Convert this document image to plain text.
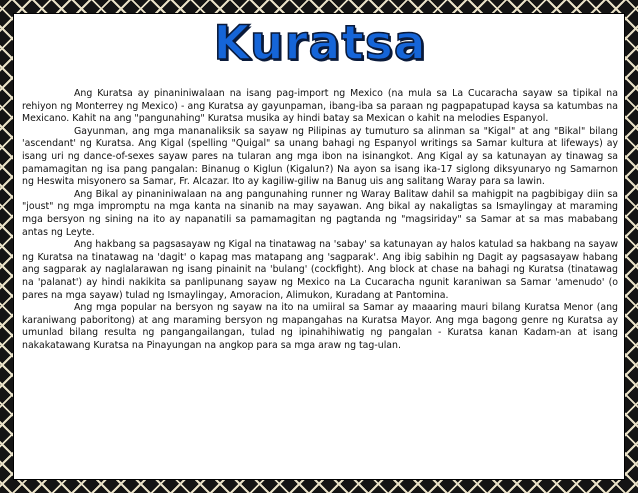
Kuratsa

Ang Kuratsa ay pinaniniwalaan na isang pag-import ng Mexico (na mula sa La Cucaracha sayaw sa tipikal na rehiyon ng Monterrey ng Mexico) - ang Kuratsa ay gayunpaman, ibang-iba sa paraan ng pagpapatupad kaysa sa katumbas na Mexicano. Kahit na ang "pangunahing" Kuratsa musika ay hindi batay sa Mexican o kahit na melodies Espanyol.

Gayunman, ang mga mananaliksik sa sayaw ng Pilipinas ay tumuturo sa alinman sa "Kigal" at ang "Bikal" bilang 'ascendant' ng Kuratsa. Ang Kigal (spelling "Quigal" sa unang bahagi ng Espanyol writings sa Samar kultura at lifeways) ay isang uri ng dance-of-sexes sayaw pares na tularan ang mga ibon na isinangkot. Ang Kigal ay sa katunayan ay tinawag sa pamamagitan ng isa pang pangalan: Binanug o Kiglun (Kigalun?) Na ayon sa isang ika-17 siglong diksyunaryo ng Samarnon ng Heswita misyonero sa Samar, Fr. Alcazar. Ito ay kagiliw-giliw na Banug uis ang salitang Waray para sa lawin.

Ang Bikal ay pinaniniwalaan na ang pangunahing runner ng Waray Balitaw dahil sa mahigpit na pagbibigay diin sa "joust" ng mga impromptu na mga kanta na sinanib na may sayawan. Ang bikal ay nakaligtas sa Ismaylingay at maraming mga bersyon ng sining na ito ay napanatili sa pamamagitan ng pagtanda ng "magsiriday" sa Samar at sa mas mababang antas ng Leyte.

Ang hakbang sa pagsasayaw ng Kigal na tinatawag na 'sabay' sa katunayan ay halos katulad sa hakbang na sayaw ng Kuratsa na tinatawag na 'dagit' o kapag mas matapang ang 'sagparak'. Ang ibig sabihin ng Dagit ay pagsasayaw habang ang sagparak ay naglalarawan ng isang pinainit na 'bulang' (cockfight). Ang block at chase na bahagi ng Kuratsa (tinatawag na 'palanat') ay hindi nakikita sa panlipunang sayaw ng Mexico na La Cucaracha ngunit karaniwan sa Samar 'amenudo' (o pares na mga sayaw) tulad ng Ismaylingay, Amoracion, Alimukon, Kuradang at Pantomina.

Ang mga popular na bersyon ng sayaw na ito na umiiral sa Samar ay maaaring mauri bilang Kuratsa Menor (ang karaniwang paboritong) at ang maraming bersyon ng mapangahas na Kuratsa Mayor. Ang mga bagong genre ng Kuratsa ay umunlad bilang resulta ng pangangailangan, tulad ng ipinahihiwatig ng pangalan - Kuratsa kanan Kadam-an at isang nakakatawang Kuratsa na Pinayungan na angkop para sa mga araw ng tag-ulan.
